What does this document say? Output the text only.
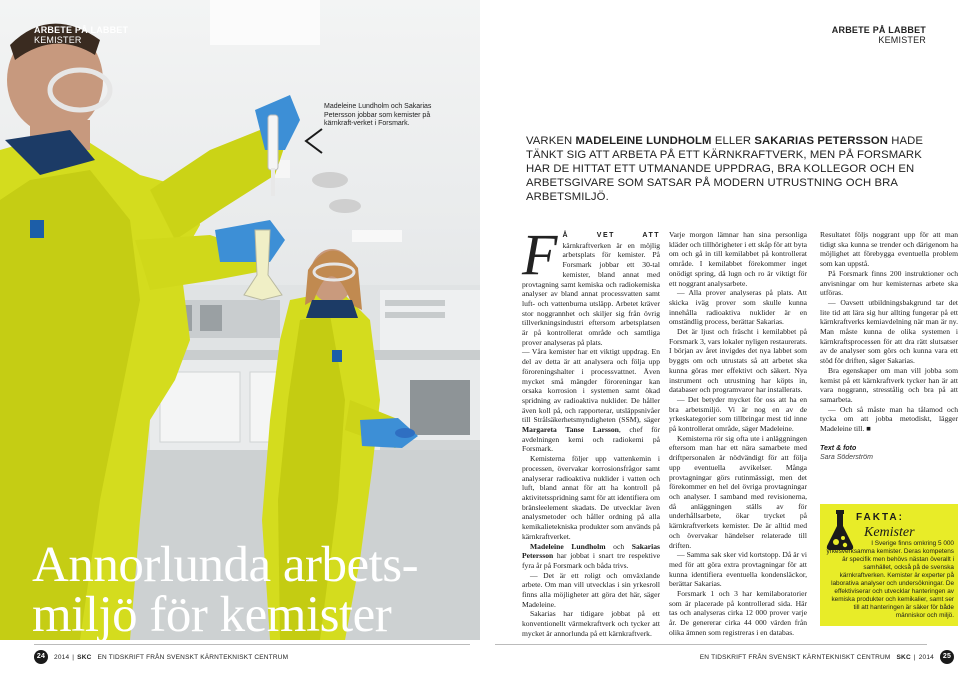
ARBETE PÅ LABBET
KEMISTER
Madeleine Lundholm och Sakarias Petersson jobbar som kemister på kärnkraft-verket i Forsmark.
Annorlunda arbets-miljö för kemister
24	2014 | SKC EN TIDSKRIFT FRÅN SVENSKT KÄRNTEKNISKT CENTRUM
ARBETE PÅ LABBET
KEMISTER
VARKEN MADELEINE LUNDHOLM ELLER SAKARIAS PETERSSON HADE TÄNKT SIG ATT ARBETA PÅ ETT KÄRNKRAFTVERK, MEN PÅ FORSMARK HAR DE HITTAT ETT UTMANANDE UPPDRAG, BRA KOLLEGOR OCH EN ARBETSGIVARE SOM SATSAR PÅ MODERN UTRUSTNING OCH BRA ARBETSMILJÖ.

F Å VET ATT kärnkraftverken är en möjlig arbetsplats för kemister. På Forsmark jobbar ett 30-tal kemister, bland annat med provtagning samt kemiska och radiokemiska analyser av bland annat processvatten samt luft- och vattenburna utsläpp. Arbetet kräver stor noggrannhet och skiljer sig från övrig tillverkningsindustri eftersom arbetsplatsen är på kontrollerat område och samtliga prover analyseras på plats.

— Våra kemister har ett viktigt uppdrag. En del av detta är att analysera och följa upp föroreningshalter i processvattnet. Även mycket små mängder föroreningar kan orsaka korrosion i systemen samt ökad spridning av radioaktiva nuklider. De håller även koll på, och rapporterar, utsläppsnivåer till Strålsäkerhetsmyndigheten (SSM), säger Margareta Tanse Larsson, chef för avdelningen kemi och radiokemi på Forsmark.

Kemisterna följer upp vattenkemin i processen, övervakar korrosionsfrågor samt analyserar radioaktiva nuklider i vatten och luft, bland annat för att ha kontroll på aktivitetsspridning samt för att identifiera om bränsleelement skadats. De utvecklar även analysmetoder och håller ordning på alla kemikalietekniska produkter som används på kärnkraftverket.

Madeleine Lundholm och Sakarias Petersson har jobbat i snart tre respektive fyra år på Forsmark och båda trivs.

— Det är ett roligt och omväxlande arbete. Om man vill utvecklas i sin yrkesroll finns alla möjligheter att göra det här, säger Madeleine.

Sakarias har tidigare jobbat på ett konventionellt värmekraftverk och tycker att mycket är annorlunda på ett kärnkraftverk.

Varje morgon lämnar han sina personliga kläder och tillhörigheter i ett skåp för att byta om och gå in till kemilabbet på kontrollerat område. I kemilabbet förekommer inget onödigt spring, då lugn och ro är viktigt för ett noggrant analysarbete.

— Alla prover analyseras på plats. Att skicka iväg prover som skulle kunna innehålla radioaktiva nuklider är en omständlig process, berättar Sakarias.

Det är ljust och fräscht i kemilabbet på Forsmark 3, vars lokaler nyligen restaurerats. I början av året invigdes det nya labbet som byggts om och utrustats så att arbetet ska kunna göras mer effektivt och säkert. Nya instrument och utrustning har köpts in, databaser och programvaror har installerats.

— Det betyder mycket för oss att ha en bra arbetsmiljö. Vi är nog en av de yrkeskategorier som tillbringar mest tid inne på kontrollerat område, säger Madeleine.

Kemisterna rör sig ofta ute i anläggningen eftersom man har ett nära samarbete med driftpersonalen är nödvändigt för att följa upp eventuella avvikelser. Många provtagningar görs rutinmässigt, men det förekommer en hel del övriga provtagningar och analyser. I samband med revisionerna, då anläggningen ställs av för underhållsarbete, ökar trycket på kärnkraftverkets kemister. De är alltid med och övervakar händelser relaterade till driften.

— Samma sak sker vid kortstopp. Då är vi med för att göra extra provtagningar för att kunna identifiera eventuella kondensläckor, berättar Sakarias.

Forsmark 1 och 3 har kemilaboratorier som är placerade på kontrollerad sida. Här tas och analyseras cirka 12 000 prover varje år. De genererar cirka 44 000 värden från olika ämnen som registreras i en databas.

Resultatet följs noggrant upp för att man tidigt ska kunna se trender och därigenom ha möjlighet att förebygga eventuella problem som kan uppstå.

På Forsmark finns 200 instruktioner och anvisningar om hur kemisternas arbete ska utföras.

— Oavsett utbildningsbakgrund tar det lite tid att lära sig hur allting fungerar på ett kärnkraftverks kemiavdelning när man är ny. Man måste kunna de olika systemen i kärnkraftsprocessen för att dra rätt slutsatser av de analyser som görs och kunna vara ett stöd för driften, säger Sakarias.

Bra egenskaper om man vill jobba som kemist på ett kärnkraftverk tycker han är att vara noggrann, stresstålig och bra på att samarbeta.

— Och så måste man ha tålamod och tycka om att jobba metodiskt, lägger Madeleine till. ■

Text & foto
Sara Söderström
FAKTA:
Kemister
I Sverige finns omkring 5 000 yrkesverksamma kemister. Deras kompetens är specifik men behövs nästan överallt i samhället, också på de svenska kärnkraftverken. Kemister är experter på laborativa analyser och undersökningar. De effektiviserar och utvecklar hanteringen av kemiska produkter och kemikalier, samt ser till att hanteringen är säker för både människor och miljö.
EN TIDSKRIFT FRÅN SVENSKT KÄRNTEKNISKT CENTRUM SKC | 2014	25
